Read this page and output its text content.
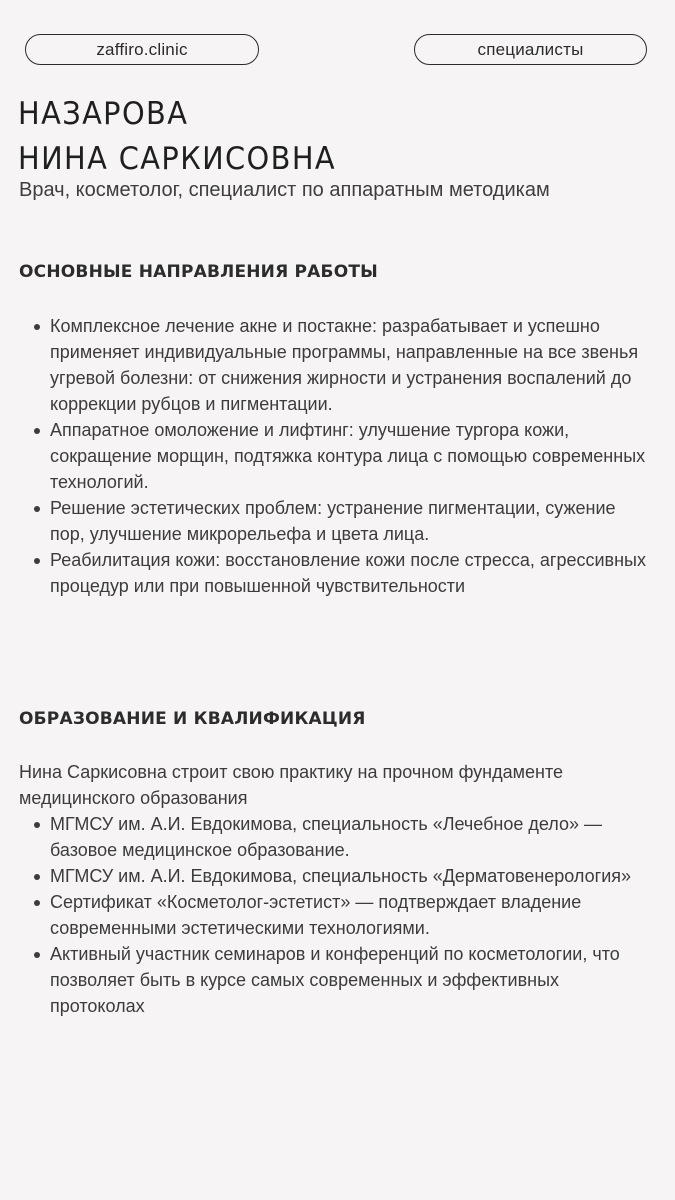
zaffiro.clinic	специалисты
НАЗАРОВА
НИНА САРКИСОВНА

Врач, косметолог, специалист по аппаратным методикам

ОСНОВНЫЕ НАПРАВЛЕНИЯ РАБОТЫ
Комплексное лечение акне и постакне: разрабатывает и успешно применяет индивидуальные программы, направленные на все звенья угревой болезни: от снижения жирности и устранения воспалений до коррекции рубцов и пигментации.
Аппаратное омоложение и лифтинг: улучшение тургора кожи, сокращение морщин, подтяжка контура лица с помощью современных технологий.
Решение эстетических проблем: устранение пигментации, сужение пор, улучшение микрорельефа и цвета лица.
Реабилитация кожи: восстановление кожи после стресса, агрессивных процедур или при повышенной чувствительности
ОБРАЗОВАНИЕ И КВАЛИФИКАЦИЯ

Нина Саркисовна строит свою практику на прочном фундаменте медицинского образования

МГМСУ им. А.И. Евдокимова, специальность «Лечебное дело» — базовое медицинское образование.
МГМСУ им. А.И. Евдокимова, специальность «Дерматовенерология»
Сертификат «Косметолог-эстетист» — подтверждает владение современными эстетическими технологиями.
Активный участник семинаров и конференций по косметологии, что позволяет быть в курсе самых современных и эффективных протоколах
